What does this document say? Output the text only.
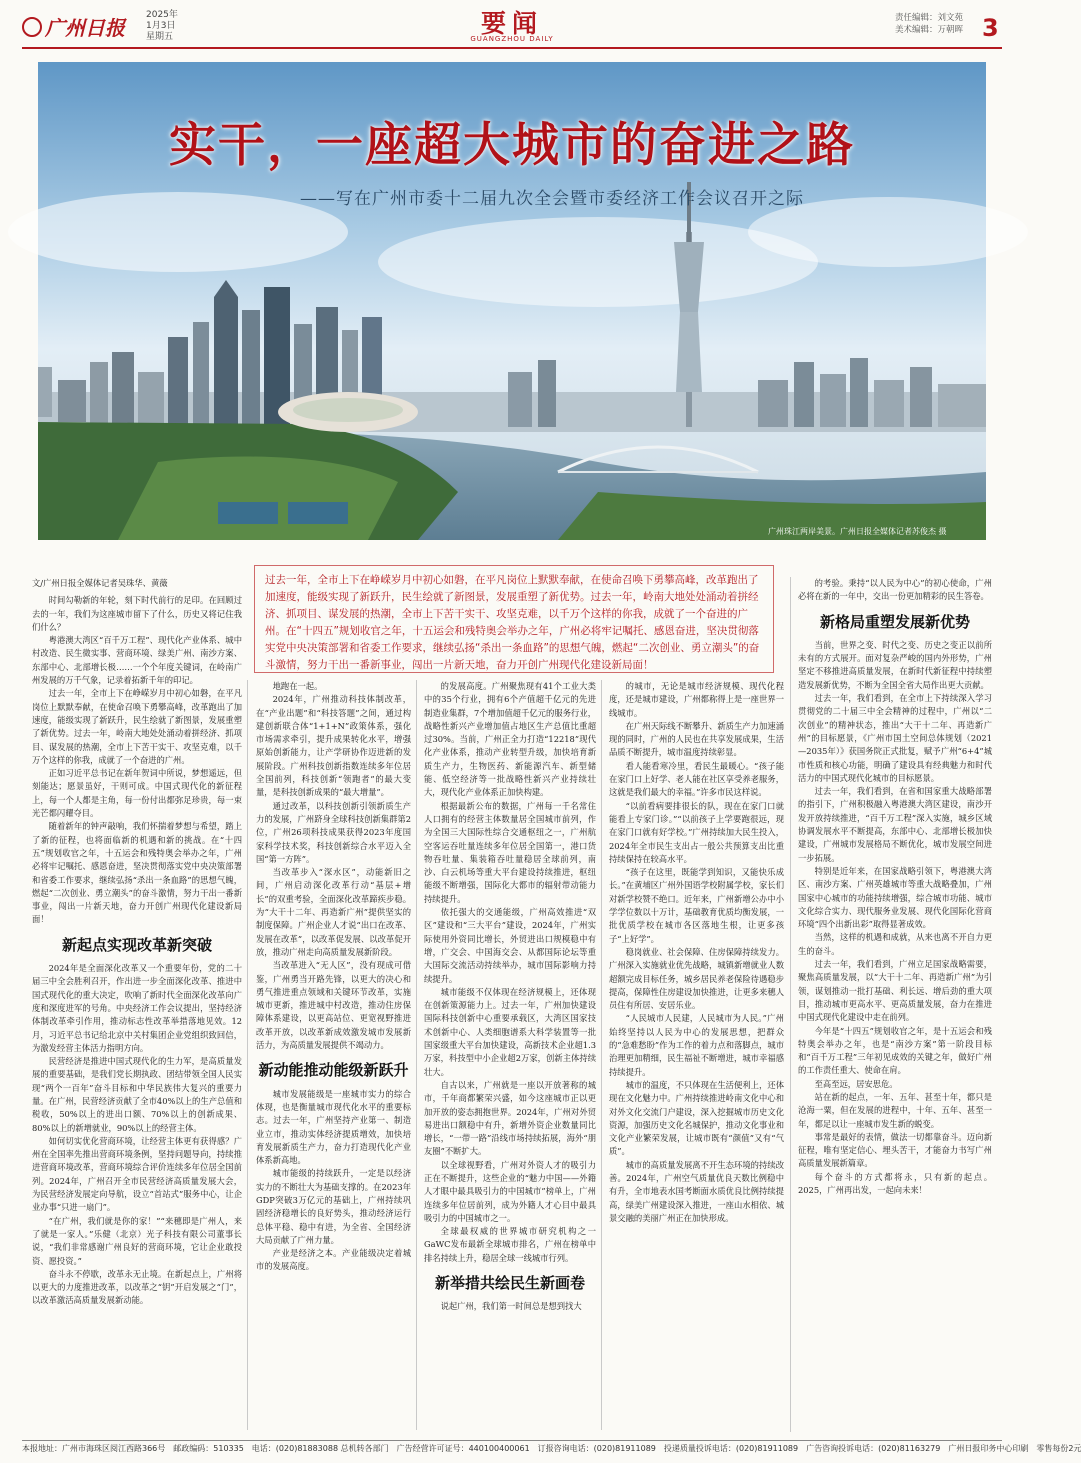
广州日报
2025年
1月3日
星期五	要闻
GUANGZHOU DAILY
责任编辑：刘文苑
美术编辑：万朝晖 3
实干，一座超大城市的奋进之路
——写在广州市委十二届九次全会暨市委经济工作会议召开之际
广州珠江两岸美景。广州日报全媒体记者苏俊杰 摄
过去一年，全市上下在峥嵘岁月中初心如磐，在平凡岗位上默默奉献，在使命召唤下勇攀高峰，改革跑出了加速度，能级实现了新跃升，民生绘就了新图景，发展重塑了新优势。过去一年，岭南大地处处涌动着拼经济、抓项目、谋发展的热潮，全市上下苦干实干、攻坚克难，以千万个这样的你我，成就了一个奋进的广州。在“十四五”规划收官之年，十五运会和残特奥会举办之年，广州必将牢记嘱托、感恩奋进，坚决贯彻落实党中央决策部署和省委工作要求，继续弘扬“杀出一条血路”的思想气魄，燃起“二次创业、勇立潮头”的奋斗激情，努力干出一番新事业，闯出一片新天地，奋力开创广州现代化建设新局面！

文/广州日报全媒体记者吴珠华、黄薇

时间勾勒新的年轮，刻下时代前行的足印。在回顾过去的一年，我们为这座城市留下了什么，历史又将记住我们什么？

粤港澳大湾区“百千万工程”、现代化产业体系、城中村改造、民生微实事、营商环境、绿美广州、南沙方案、东部中心、北部增长极……一个个年度关键词，在岭南广州发展的万千气象，记录着拓新千年的印记。

过去一年，全市上下在峥嵘岁月中初心如磐，在平凡岗位上默默奉献，在使命召唤下勇攀高峰，改革跑出了加速度，能级实现了新跃升，民生绘就了新图景，发展重塑了新优势。过去一年，岭南大地处处涌动着拼经济、抓项目、谋发展的热潮，全市上下苦干实干、攻坚克难，以千万个这样的你我，成就了一个奋进的广州。

正如习近平总书记在新年贺词中所说，梦想遥远，但刻能达；愿景虽好，干则可成。中国式现代化的新征程上，每一个人都是主角，每一份付出都弥足珍贵，每一束光芒都闪耀夺目。

随着新年的钟声敲响，我们怀揣着梦想与希望，踏上了新的征程，也将面临新的机遇和新的挑战。在“十四五”规划收官之年，十五运会和残特奥会举办之年，广州必将牢记嘱托、感恩奋进，坚决贯彻落实党中央决策部署和省委工作要求，继续弘扬“杀出一条血路”的思想气魄，燃起“二次创业、勇立潮头”的奋斗激情，努力干出一番新事业，闯出一片新天地，奋力开创广州现代化建设新局面！

新起点实现改革新突破

2024年是全面深化改革又一个重要年份，党的二十届三中全会胜利召开，作出进一步全面深化改革、推进中国式现代化的重大决定，吹响了新时代全面深化改革向广度和深度进军的号角。中央经济工作会议提出，坚持经济体制改革牵引作用，推动标志性改革举措落地见效。12月，习近平总书记给北京中关村集团企业党组织致回信，为激发经营主体活力指明方向。

民营经济是推进中国式现代化的生力军，是高质量发展的重要基础，是我们党长期执政、团结带领全国人民实现“两个一百年”奋斗目标和中华民族伟大复兴的重要力量。在广州，民营经济贡献了全市40%以上的生产总值和税收，50%以上的进出口额、70%以上的创新成果、80%以上的新增就业，90%以上的经营主体。

如何切实优化营商环境，让经营主体更有获得感？广州在全国率先推出营商环境条例，坚持问题导向，持续推进营商环境改革，营商环境综合评价连续多年位居全国前列。2024年，广州召开全市民营经济高质量发展大会，为民营经济发展定向导航，设立“首站式”服务中心，让企业办事“只进一扇门”。

“在广州，我们就是你的家！”“来穗即是广州人，来了就是一家人。”乐健（北京）光子科技有限公司董事长说，“我们非常感谢广州良好的营商环境，它让企业敢投资、愿投资。”

奋斗永不停歇，改革永无止境。在新起点上，广州将以更大的力度推进改革，以改革之“钥”开启发展之“门”，以改革激活高质量发展新动能。

地跑在一起。

2024年，广州推动科技体制改革，在“产业出题”和“科技答题”之间，通过构建创新联合体“1+1+N”政策体系，强化市场需求牵引，提升成果转化水平，增强原始创新能力，让产学研协作迈进新的发展阶段。广州科技创新指数连续多年位居全国前列，科技创新“领跑者”的最大变量，是科技创新成果的“最大增量”。

通过改革，以科技创新引领新质生产力的发展，广州跻身全球科技创新集群第2位，广州26项科技成果获得2023年度国家科学技术奖，科技创新综合水平迈入全国“第一方阵”。

当改革步入“深水区”，动能新旧之间，广州启动深化改革行动“基层+增长”的双重考验，全面深化改革蹄疾步稳。为“大干十二年、再造新广州”提供坚实的制度保障。广州企业人才说“出口在改革、发展在改革”，以改革促发展、以改革促开放，推动广州走向高质量发展新阶段。

当改革进入“无人区”，没有现成可借鉴，广州勇当开路先锋，以更大的决心和勇气推进重点领域和关键环节改革，实施城市更新，推进城中村改造，推动住房保障体系建设，以更高站位、更宽视野推进改革开放，以改革新成效激发城市发展新活力，为高质量发展提供不竭动力。

新动能推动能级新跃升

城市发展能级是一座城市实力的综合体现，也是衡量城市现代化水平的重要标志。过去一年，广州坚持产业第一、制造业立市，推动实体经济提质增效，加快培育发展新质生产力，奋力打造现代化产业体系新高地。

城市能级的持续跃升，一定是以经济实力的不断壮大为基础支撑的。在2023年GDP突破3万亿元的基础上，广州持续巩固经济稳增长的良好势头，推动经济运行总体平稳、稳中有进，为全省、全国经济大局贡献了广州力量。

产业是经济之本。产业能级决定着城市的发展高度。

的发展高度。广州聚焦现有41个工业大类中的35个行业，拥有6个产值超千亿元的先进制造业集群，7个增加值超千亿元的服务行业，战略性新兴产业增加值占地区生产总值比重超过30%。当前，广州正全力打造“12218”现代化产业体系，推动产业转型升级，加快培育新质生产力，生物医药、新能源汽车、新型储能、低空经济等一批战略性新兴产业持续壮大，现代化产业体系正加快构建。

根据最新公布的数据，广州每一千名常住人口拥有的经营主体数量居全国城市前列，作为全国三大国际性综合交通枢纽之一，广州航空客运吞吐量连续多年位居全国第一，港口货物吞吐量、集装箱吞吐量稳居全球前列，南沙、白云机场等重大平台建设持续推进，枢纽能级不断增强，国际化大都市的辐射带动能力持续提升。

依托强大的交通能级，广州高效推进“双区”建设和“三大平台”建设，2024年，广州实际使用外资同比增长，外贸进出口规模稳中有增，广交会、中国海交会、从都国际论坛等重大国际交流活动持续举办，城市国际影响力持续提升。

城市能级不仅体现在经济规模上，还体现在创新策源能力上。过去一年，广州加快建设国际科技创新中心重要承载区，大湾区国家技术创新中心、人类细胞谱系大科学装置等一批国家级重大平台加快建设，高新技术企业超1.3万家，科技型中小企业超2万家，创新主体持续壮大。

自古以来，广州就是一座以开放著称的城市，千年商都繁荣兴盛，如今这座城市正以更加开放的姿态拥抱世界。2024年，广州对外贸易进出口额稳中有升，新增外资企业数量同比增长，“一带一路”沿线市场持续拓展，海外“朋友圈”不断扩大。

以全球视野看，广州对外资人才的吸引力正在不断提升，这些企业的“魅力中国——外籍人才眼中最具吸引力的中国城市”榜单上，广州连续多年位居前列，成为外籍人才心目中最具吸引力的中国城市之一。

全球最权威的世界城市研究机构之一GaWC发布最新全球城市排名，广州在榜单中排名持续上升，稳居全球一线城市行列。

新举措共绘民生新画卷

说起广州，我们第一时间总是想到找大

的城市，无论是城市经济规模、现代化程度，还是城市建设，广州都称得上是一座世界一线城市。

在广州天际线不断攀升、新质生产力加速涌现的同时，广州的人民也在共享发展成果，生活品质不断提升，城市温度持续彰显。

看人能看寒冷里，看民生最暖心。“孩子能在家门口上好学、老人能在社区享受养老服务，这就是我们最大的幸福。”许多市民这样说。

“以前看病要排很长的队，现在在家门口就能看上专家门诊。”“以前孩子上学要跑很远，现在家门口就有好学校。”广州持续加大民生投入，2024年全市民生支出占一般公共预算支出比重持续保持在较高水平。

“孩子在这里，既能学到知识，又能快乐成长。”在黄埔区广州外国语学校附属学校，家长们对新学校赞不绝口。近年来，广州新增公办中小学学位数以十万计，基础教育优质均衡发展，一批优质学校在城市各区落地生根，让更多孩子“上好学”。

稳岗就业、社会保障、住房保障持续发力。广州深入实施就业优先战略，城镇新增就业人数超额完成目标任务，城乡居民养老保险待遇稳步提高，保障性住房建设加快推进，让更多来穗人员住有所居、安居乐业。

“人民城市人民建，人民城市为人民。”广州始终坚持以人民为中心的发展思想，把群众的“急难愁盼”作为工作的着力点和落脚点，城市治理更加精细，民生福祉不断增进，城市幸福感持续提升。

城市的温度，不只体现在生活便利上，还体现在文化魅力中。广州持续推进岭南文化中心和对外文化交流门户建设，深入挖掘城市历史文化资源，加强历史文化名城保护，推动文化事业和文化产业繁荣发展，让城市既有“颜值”又有“气质”。

城市的高质量发展离不开生态环境的持续改善。2024年，广州空气质量优良天数比例稳中有升，全市地表水国考断面水质优良比例持续提高，绿美广州建设深入推进，一座山水相依、城景交融的美丽广州正在加快形成。

的考验。秉持“以人民为中心”的初心使命，广州必将在新的一年中，交出一份更加精彩的民生答卷。

新格局重塑发展新优势

当前，世界之变、时代之变、历史之变正以前所未有的方式展开。面对复杂严峻的国内外形势，广州坚定不移推进高质量发展，在新时代新征程中持续塑造发展新优势，不断为全国全省大局作出更大贡献。

过去一年，我们看到，在全市上下持续深入学习贯彻党的二十届三中全会精神的过程中，广州以“二次创业”的精神状态，推出“大干十二年、再造新广州”的目标愿景，《广州市国土空间总体规划（2021—2035年）》获国务院正式批复，赋予广州“6+4”城市性质和核心功能，明确了建设具有经典魅力和时代活力的中国式现代化城市的目标愿景。

过去一年，我们看到，在省和国家重大战略部署的指引下，广州积极融入粤港澳大湾区建设，南沙开发开放持续推进，“百千万工程”深入实施，城乡区域协调发展水平不断提高，东部中心、北部增长极加快建设，广州城市发展格局不断优化，城市发展空间进一步拓展。

特别是近年来，在国家战略引领下，粤港澳大湾区、南沙方案、广州英雄城市等重大战略叠加，广州国家中心城市的功能持续增强，综合城市功能、城市文化综合实力、现代服务业发展、现代化国际化营商环境“四个出新出彩”取得显著成效。

当然，这样的机遇和成就，从来也离不开自力更生的奋斗。

过去一年，我们看到，广州立足国家战略需要，聚焦高质量发展，以“大干十二年、再造新广州”为引领，谋划推动一批打基础、利长远、增后劲的重大项目，推动城市更高水平、更高质量发展，奋力在推进中国式现代化建设中走在前列。

今年是“十四五”规划收官之年，是十五运会和残特奥会举办之年，也是“南沙方案”第一阶段目标和“百千万工程”三年初见成效的关键之年，做好广州的工作责任重大、使命在肩。

至高至远，居安思危。

站在新的起点，一年、五年、甚至十年，都只是沧海一粟，但在发展的进程中，十年、五年、甚至一年，都足以让一座城市发生新的蜕变。

事常是最好的表情，做法一切都靠奋斗。迈向新征程，唯有坚定信心、埋头苦干，才能奋力书写广州高质量发展新篇章。

每个奋斗的方式都将永，只有新的起点。2025，广州再出发，一起向未来！

本报地址：广州市海珠区阅江西路366号　邮政编码：510335　电话：(020)81883088 总机转各部门　广告经营许可证号：440100400061　订报咨询电话：(020)81911089　投递质量投诉电话：(020)81911089　广告咨询投诉电话：(020)81163279　广州日报印务中心印刷　零售每份2元
